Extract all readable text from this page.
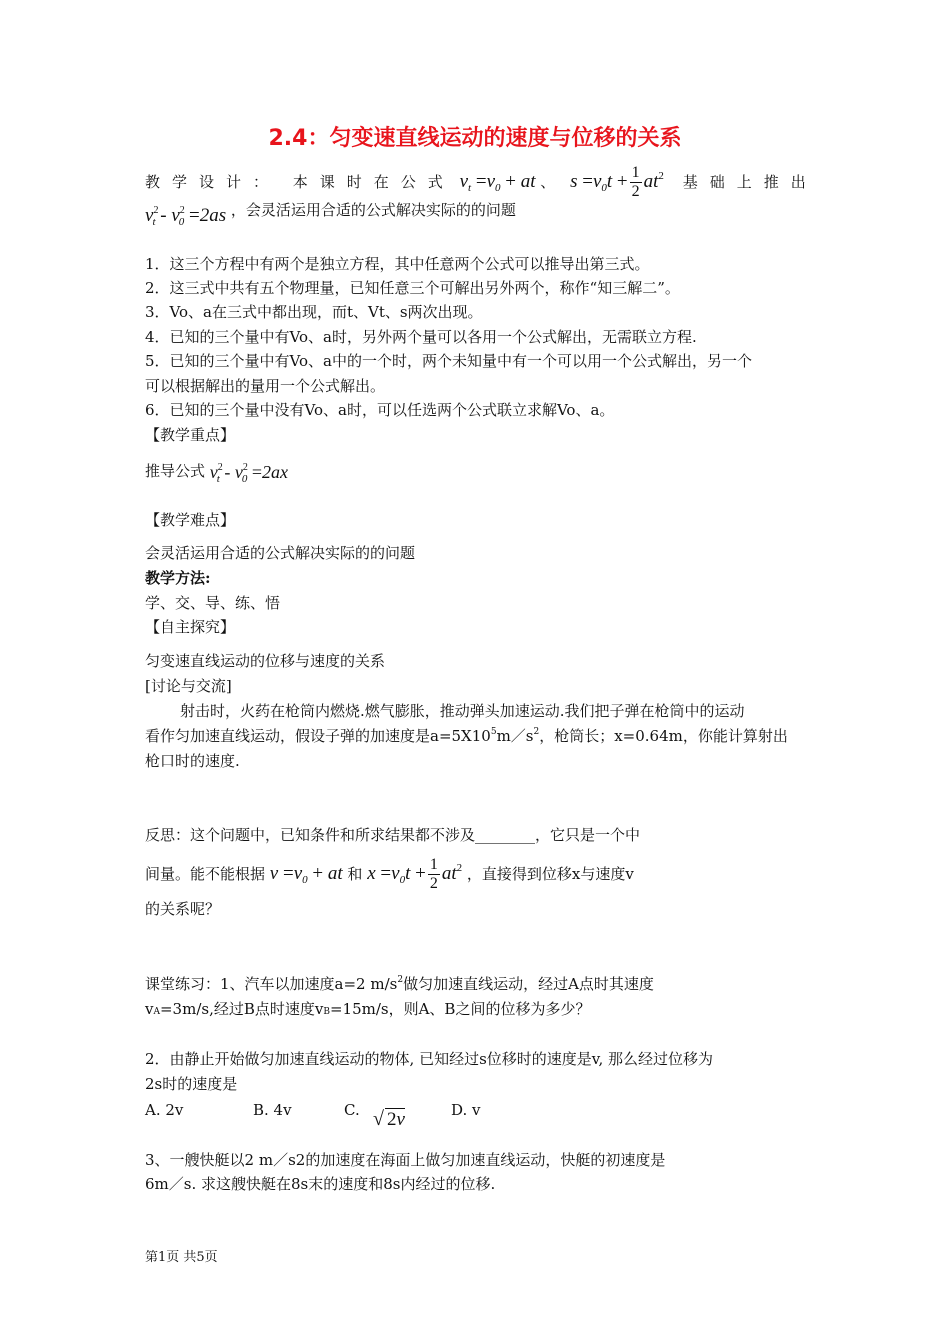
2.4：匀变速直线运动的速度与位移的关系
教学设计： 本课时在公式 $v_t =v_0$ + at 、 $s =v_0t + \frac{1}{2} at^2$ 基础上推出
$v^2_t - v^2_0 =2as$ ，会灵活运用合适的公式解决实际的的问题
1．这三个方程中有两个是独立方程，其中任意两个公式可以推导出第三式。
2．这三式中共有五个物理量，已知任意三个可解出另外两个，称作“知三解二”。
3．Vo、a在三式中都出现，而t、Vt、s两次出现。
4．已知的三个量中有Vo、a时，另外两个量可以各用一个公式解出，无需联立方程.
5．已知的三个量中有Vo、a中的一个时，两个未知量中有一个可以用一个公式解出，另一个
可以根据解出的量用一个公式解出。
6．已知的三个量中没有Vo、a时，可以任选两个公式联立求解Vo、a。
【教学重点】
推导公式 $v^2_t - v^2_0 =2ax$
【教学难点】
会灵活运用合适的公式解决实际的的问题
教学方法:
学、交、导、练、悟
【自主探究】
匀变速直线运动的位移与速度的关系
[讨论与交流]
射击时，火药在枪筒内燃烧.燃气膨胀，推动弹头加速运动.我们把子弹在枪筒中的运动
看作匀加速直线运动，假设子弹的加速度是$a=5X10^5m/s^2$，枪筒长；x=0.64m，你能计算射出
枪口时的速度.
反思：这个问题中，已知条件和所求结果都不涉及________，它只是一个中
间量。能不能根据 $v =v_0$ + at 和 $x =v_0t + \frac{1}{2} at^2$ ，直接得到位移x与速度v
的关系呢？
课堂练习：1、汽车以加速度a=2 $m/s^2$做匀加速直线运动，经过A点时其速度
vA=3m/s,经过B点时速度vB=15m/s，则A、B之间的位移为多少？
2．由静止开始做匀加速直线运动的物体, 已知经过s位移时的速度是v, 那么经过位移为
2s时的速度是
A. 2v	B. 4v	C. √ 2v	D. v
3、一艘快艇以2 m／s2的加速度在海面上做匀加速直线运动，快艇的初速度是
6m／s. 求这艘快艇在8s末的速度和8s内经过的位移.
第1页 共5页
